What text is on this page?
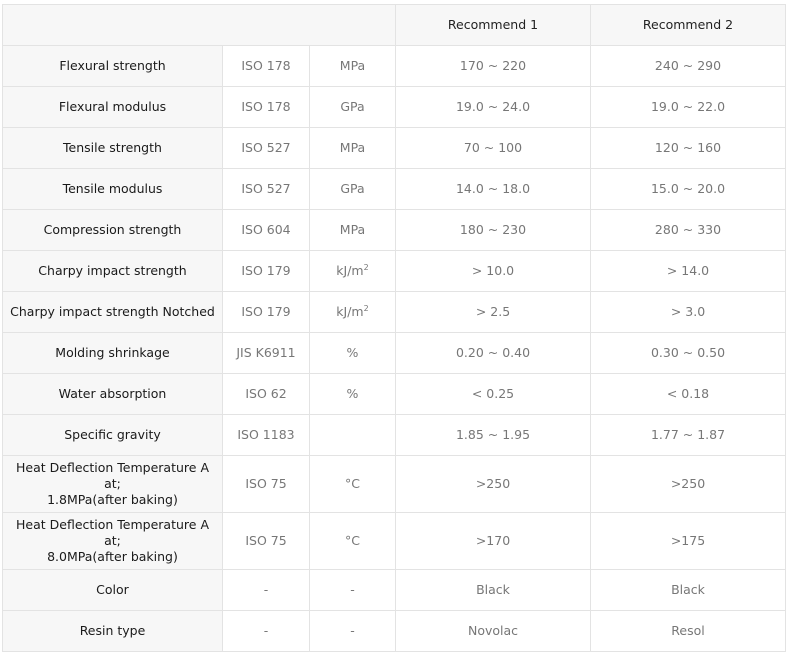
			Recommend 1	Recommend 2
Flexural strength	ISO 178	MPa	170 ~ 220	240 ~ 290
Flexural modulus	ISO 178	GPa	19.0 ~ 24.0	19.0 ~ 22.0
Tensile strength	ISO 527	MPa	70 ~ 100	120 ~ 160
Tensile modulus	ISO 527	GPa	14.0 ~ 18.0	15.0 ~ 20.0
Compression strength	ISO 604	MPa	180 ~ 230	280 ~ 330
Charpy impact strength	ISO 179	$kJ/m^2$	> 10.0	> 14.0
Charpy impact strength Notched	ISO 179	$kJ/m^2$	> 2.5	> 3.0
Molding shrinkage	JIS K6911	%	0.20 ~ 0.40	0.30 ~ 0.50
Water absorption	ISO 62	%	< 0.25	< 0.18
Specific gravity	ISO 1183		1.85 ~ 1.95	1.77 ~ 1.87
Heat Deflection Temperature A at;
1.8MPa(after baking)	ISO 75	°C	>250	>250
Heat Deflection Temperature A at;
8.0MPa(after baking)	ISO 75	°C	>170	>175
Color	-	-	Black	Black
Resin type	-	-	Novolac	Resol
